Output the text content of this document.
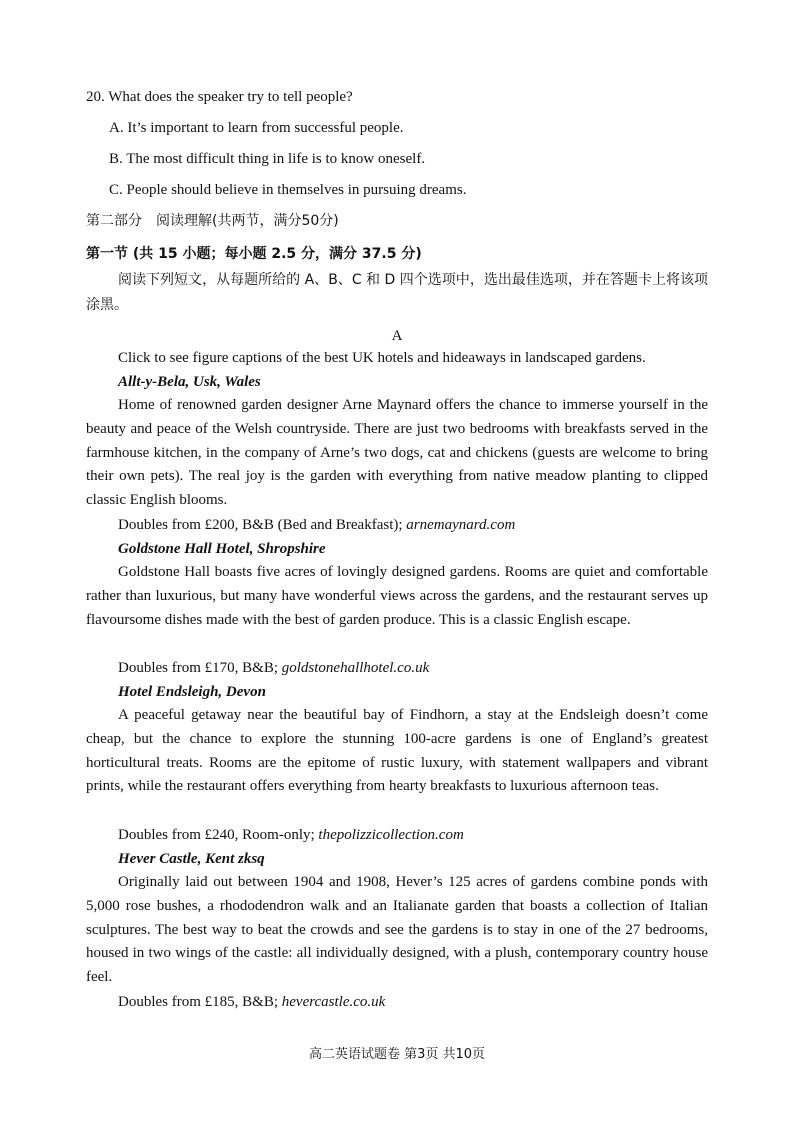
20. What does the speaker try to tell people?
A. It’s important to learn from successful people.
B. The most difficult thing in life is to know oneself.
C. People should believe in themselves in pursuing dreams.
第二部分　阅读理解(共两节，满分50分)
第一节 (共 15 小题；每小题 2.5 分，满分 37.5 分)
阅读下列短文，从每题所给的 A、B、C 和 D 四个选项中，选出最佳选项，并在答题卡上将该项涂黑。
A
Click to see figure captions of the best UK hotels and hideaways in landscaped gardens.
Allt-y-Bela, Usk, Wales
Home of renowned garden designer Arne Maynard offers the chance to immerse yourself in the beauty and peace of the Welsh countryside. There are just two bedrooms with breakfasts served in the farmhouse kitchen, in the company of Arne’s two dogs, cat and chickens (guests are welcome to bring their own pets). The real joy is the garden with everything from native meadow planting to clipped classic English blooms.
Doubles from £200, B&B (Bed and Breakfast); arnemaynard.com
Goldstone Hall Hotel, Shropshire
Goldstone Hall boasts five acres of lovingly designed gardens. Rooms are quiet and comfortable rather than luxurious, but many have wonderful views across the gardens, and the restaurant serves up flavoursome dishes made with the best of garden produce. This is a classic English escape.
Doubles from £170, B&B; goldstonehallhotel.co.uk
Hotel Endsleigh, Devon
A peaceful getaway near the beautiful bay of Findhorn, a stay at the Endsleigh doesn’t come cheap, but the chance to explore the stunning 100-acre gardens is one of England’s greatest horticultural treats. Rooms are the epitome of rustic luxury, with statement wallpapers and vibrant prints, while the restaurant offers everything from hearty breakfasts to luxurious afternoon teas.
Doubles from £240, Room-only; thepolizzicollection.com
Hever Castle, Kent zksq
Originally laid out between 1904 and 1908, Hever’s 125 acres of gardens combine ponds with 5,000 rose bushes, a rhododendron walk and an Italianate garden that boasts a collection of Italian sculptures. The best way to beat the crowds and see the gardens is to stay in one of the 27 bedrooms, housed in two wings of the castle: all individually designed, with a plush, contemporary country house feel.
Doubles from £185, B&B; hevercastle.co.uk
高二英语试题卷 第3页 共10页
